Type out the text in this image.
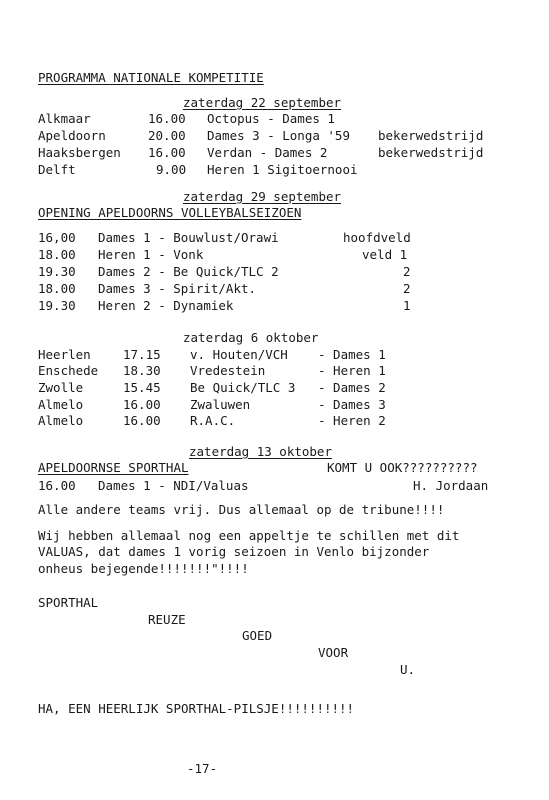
PROGRAMMA NATIONALE KOMPETITIE
zaterdag 22 september
Alkmaar	16.00 Octopus - Dames 1
Apeldoorn	20.00 Dames 3 - Longa '59 bekerwedstrijd
Haaksbergen 16.00 Verdan - Dames 2	bekerwedstrijd
Delft	9.00 Heren 1 Sigitoernooi
zaterdag 29 september
OPENING APELDOORNS VOLLEYBALSEIZOEN
16,00 Dames 1 - Bouwlust/Orawi	hoofdveld
18.00 Heren 1 - Vonk	veld 1
19.30 Dames 2 - Be Quick/TLC 2	2
18.00 Dames 3 - Spirit/Akt.	2
19.30 Heren 2 - Dynamiek	1
zaterdag 6 oktober
Heerlen	17.15 v. Houten/VCH - Dames 1
Enschede 18.30 Vredestein	- Heren 1
Zwolle	15.45 Be Quick/TLC 3 - Dames 2
Almelo	16.00 Zwaluwen	- Dames 3
Almelo	16.00 R.A.C.	- Heren 2
zaterdag 13 oktober
APELDOORNSE SPORTHAL	KOMT U OOK??????????
16.00 Dames 1 - NDI/Valuas	H. Jordaan
Alle andere teams vrij. Dus allemaal op de tribune!!!!
Wij hebben allemaal nog een appeltje te schillen met dit
VALUAS, dat dames 1 vorig seizoen in Venlo bijzonder
onheus bejegende!!!!!!!"!!!!
SPORTHAL
REUZE
GOED
VOOR
U.
HA, EEN HEERLIJK SPORTHAL-PILSJE!!!!!!!!!!
-17-
